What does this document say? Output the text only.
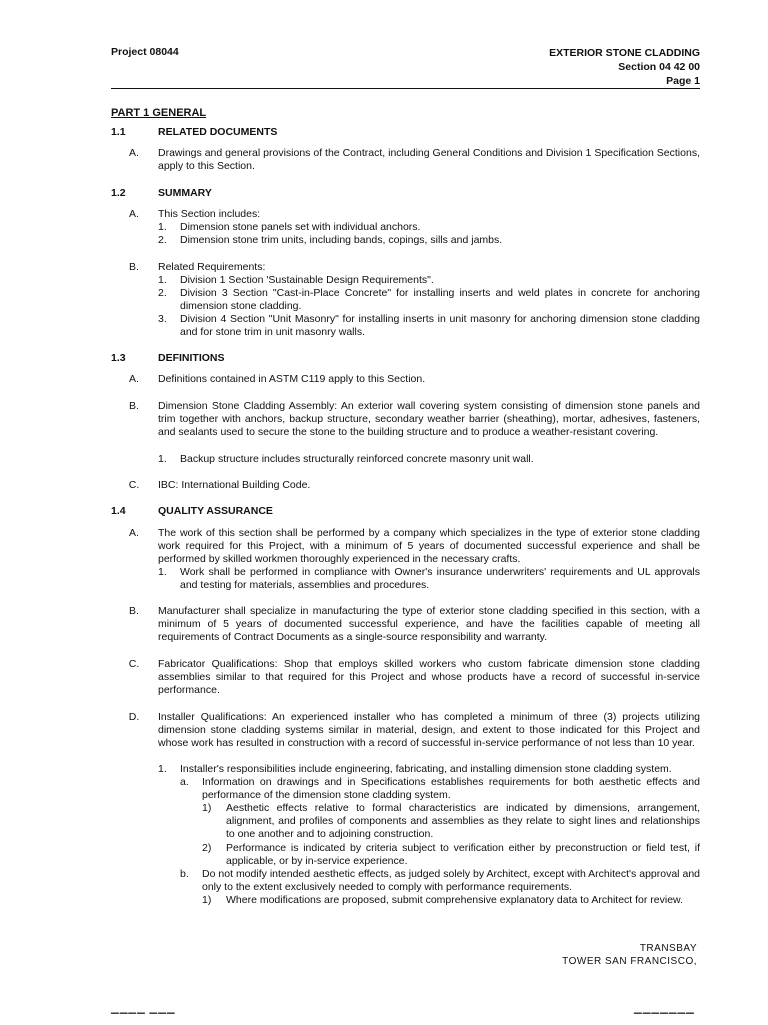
Project 08044	EXTERIOR STONE CLADDING
Section 04 42 00
Page 1
PART 1 GENERAL
1.1	RELATED DOCUMENTS
A. Drawings and general provisions of the Contract, including General Conditions and Division 1 Specification Sections, apply to this Section.
1.2	SUMMARY
A. This Section includes:
1. Dimension stone panels set with individual anchors.
2. Dimension stone trim units, including bands, copings, sills and jambs.
B. Related Requirements:
1. Division 1 Section 'Sustainable Design Requirements".
2. Division 3 Section "Cast-in-Place Concrete" for installing inserts and weld plates in concrete for anchoring dimension stone cladding.
3. Division 4 Section "Unit Masonry" for installing inserts in unit masonry for anchoring dimension stone cladding and for stone trim in unit masonry walls.
1.3	DEFINITIONS
A. Definitions contained in ASTM C119 apply to this Section.
B. Dimension Stone Cladding Assembly: An exterior wall covering system consisting of dimension stone panels and trim together with anchors, backup structure, secondary weather barrier (sheathing), mortar, adhesives, fasteners, and sealants used to secure the stone to the building structure and to produce a weather-resistant covering.
1. Backup structure includes structurally reinforced concrete masonry unit wall.
C. IBC: International Building Code.
1.4	QUALITY ASSURANCE
A. The work of this section shall be performed by a company which specializes in the type of exterior stone cladding work required for this Project, with a minimum of 5 years of documented successful experience and shall be performed by skilled workmen thoroughly experienced in the necessary crafts.
1. Work shall be performed in compliance with Owner's insurance underwriters' requirements and UL approvals and testing for materials, assemblies and procedures.
B. Manufacturer shall specialize in manufacturing the type of exterior stone cladding specified in this section, with a minimum of 5 years of documented successful experience, and have the facilities capable of meeting all requirements of Contract Documents as a single-source responsibility and warranty.
C. Fabricator Qualifications: Shop that employs skilled workers who custom fabricate dimension stone cladding assemblies similar to that required for this Project and whose products have a record of successful in-service performance.
D. Installer Qualifications: An experienced installer who has completed a minimum of three (3) projects utilizing dimension stone cladding systems similar in material, design, and extent to those indicated for this Project and whose work has resulted in construction with a record of successful in-service performance of not less than 10 year.
1. Installer's responsibilities include engineering, fabricating, and installing dimension stone cladding system.
a. Information on drawings and in Specifications establishes requirements for both aesthetic effects and performance of the dimension stone cladding system.
1) Aesthetic effects relative to formal characteristics are indicated by dimensions, arrangement, alignment, and profiles of components and assemblies as they relate to sight lines and relationships to one another and to adjoining construction.
2) Performance is indicated by criteria subject to verification either by preconstruction or field test, if applicable, or by in-service experience.
b. Do not modify intended aesthetic effects, as judged solely by Architect, except with Architect's approval and only to the extent exclusively needed to comply with performance requirements.
1) Where modifications are proposed, submit comprehensive explanatory data to Architect for review.
TRANSBAY
TOWER SAN FRANCISCO,
▔▔▔▔ ▔▔▔	▔▔▔▔▔▔▔
